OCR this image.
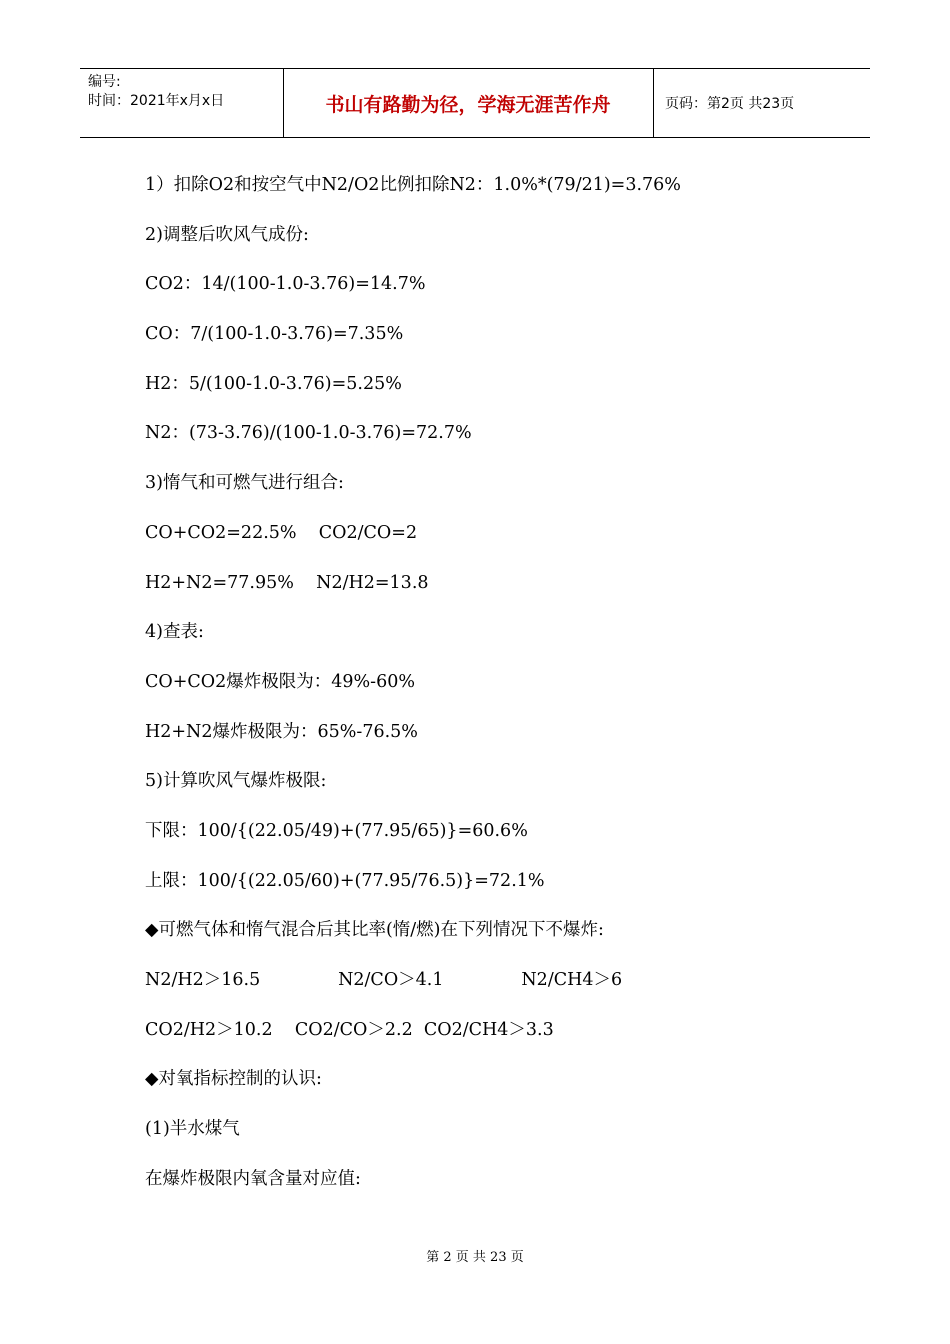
编号:
时间：2021年x月x日	书山有路勤为径，学海无涯苦作舟	页码：第2页 共23页
1）扣除O2和按空气中N2/O2比例扣除N2：1.0%*(79/21)=3.76%
2)调整后吹风气成份:
CO2：14/(100-1.0-3.76)=14.7%
CO：7/(100-1.0-3.76)=7.35%
H2：5/(100-1.0-3.76)=5.25%
N2：(73-3.76)/(100-1.0-3.76)=72.7%
3)惰气和可燃气进行组合:
CO+CO2=22.5%    CO2/CO=2
H2+N2=77.95%    N2/H2=13.8
4)查表:
CO+CO2爆炸极限为：49%-60%
H2+N2爆炸极限为：65%-76.5%
5)计算吹风气爆炸极限:
下限：100/{(22.05/49)+(77.95/65)}=60.6%
上限：100/{(22.05/60)+(77.95/76.5)}=72.1%
◆可燃气体和惰气混合后其比率(惰/燃)在下列情况下不爆炸:
N2/H2＞16.5              N2/CO＞4.1              N2/CH4＞6
CO2/H2＞10.2    CO2/CO＞2.2  CO2/CH4＞3.3
◆对氧指标控制的认识:
(1)半水煤气
在爆炸极限内氧含量对应值:
第 2 页 共 23 页
